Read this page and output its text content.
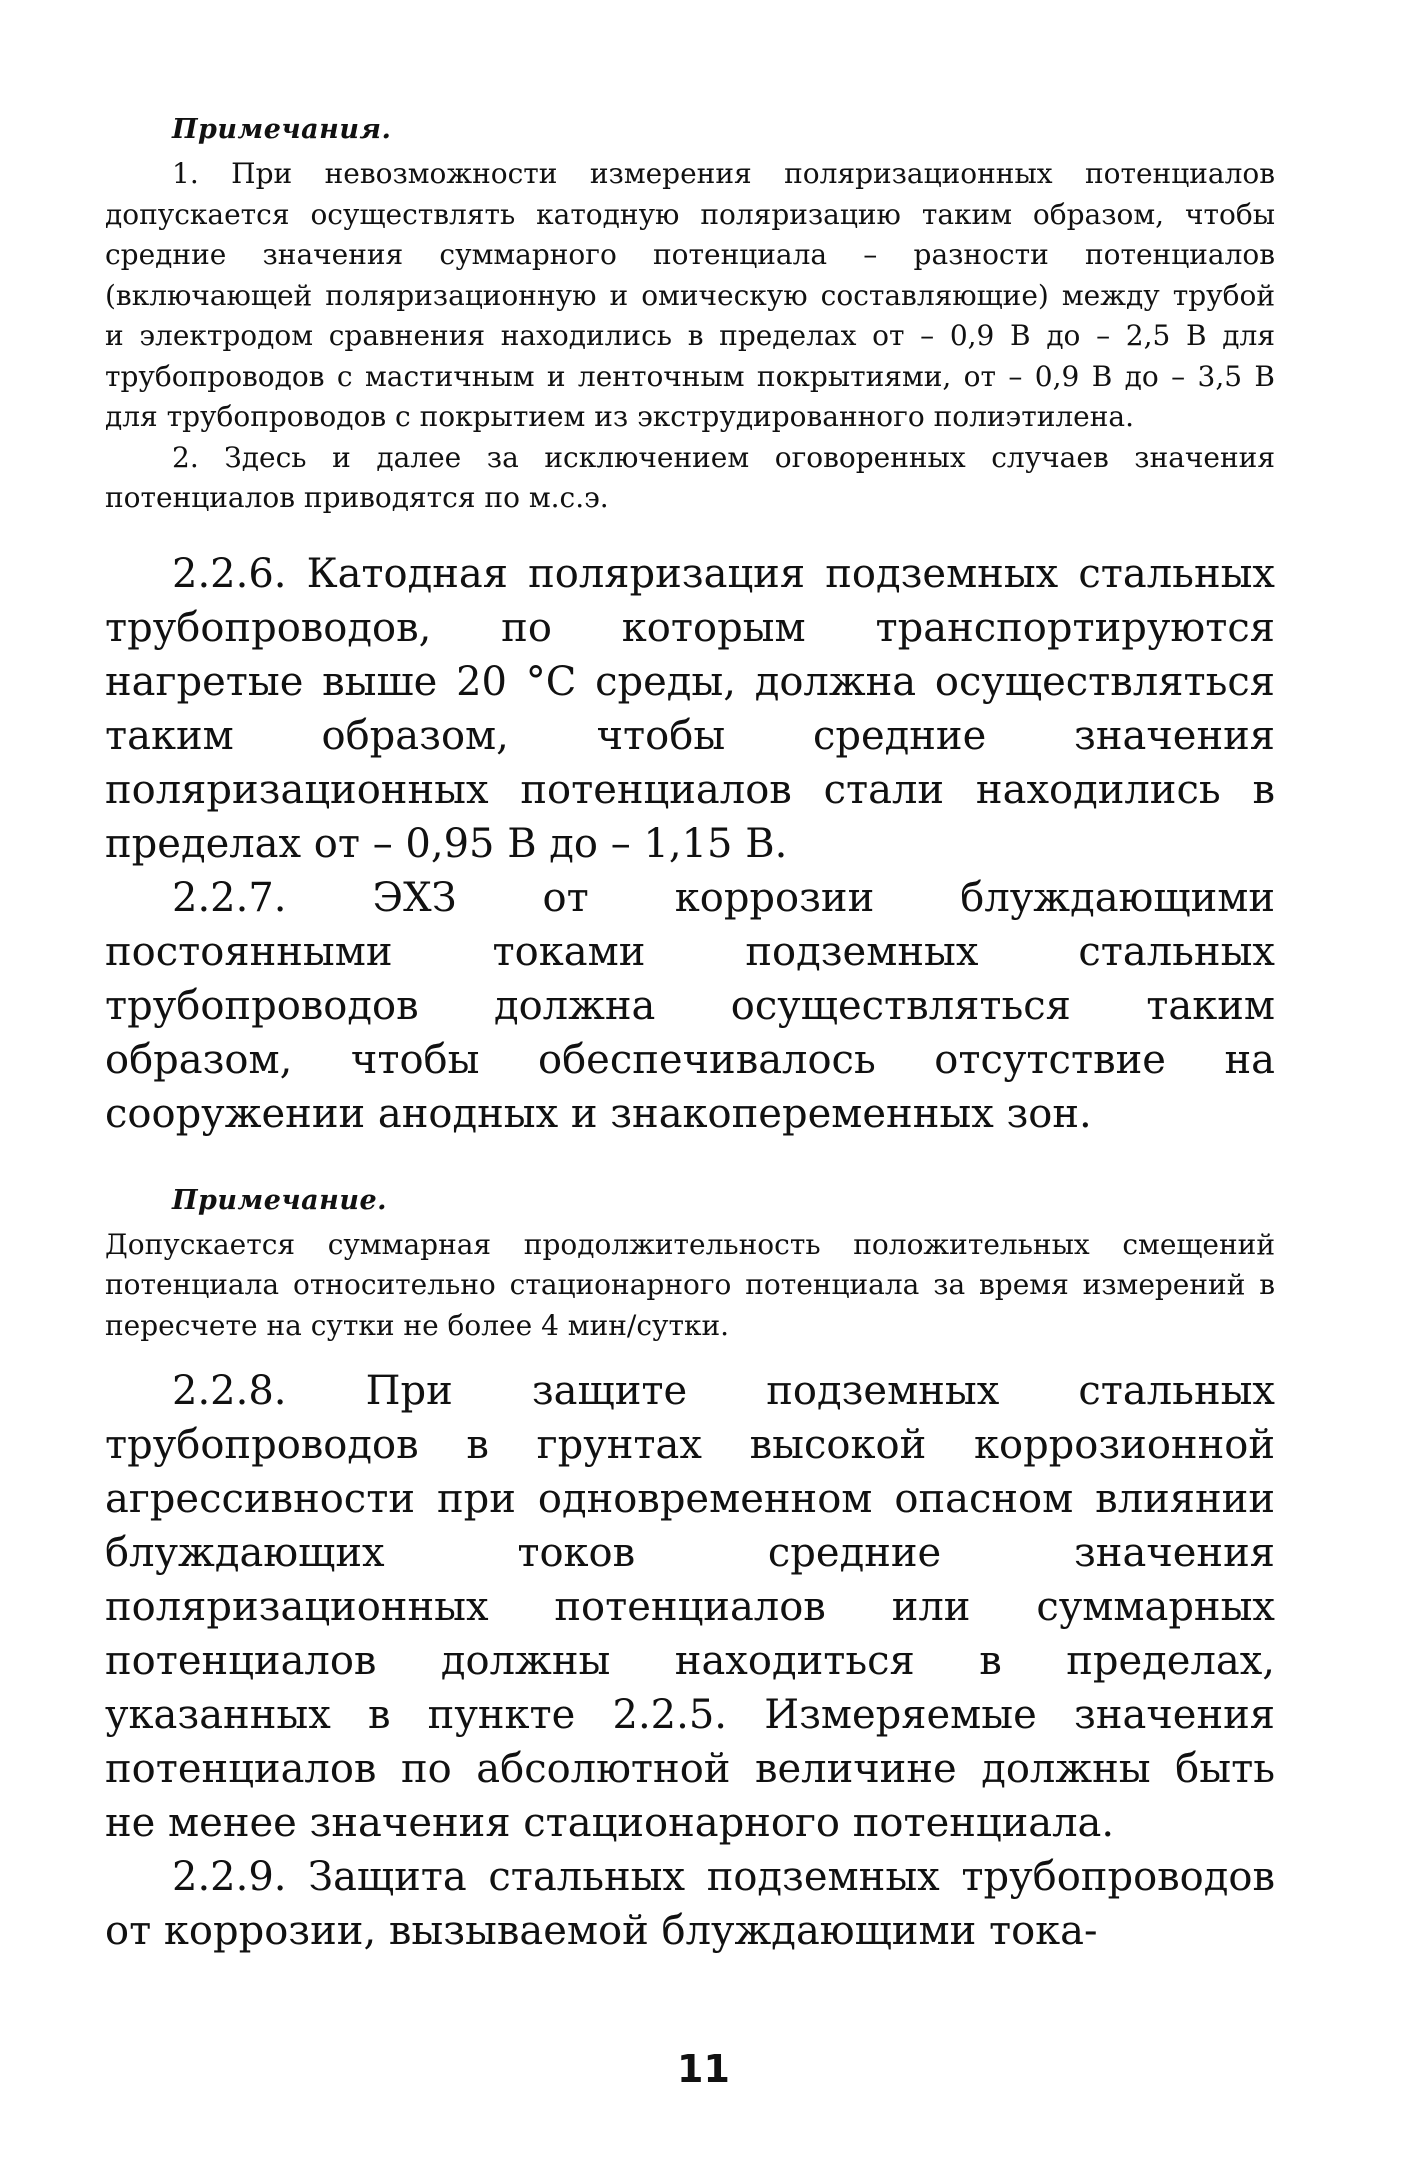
Примечания.

1. При невозможности измерения поляризационных потенциалов допускается осуществлять катодную поляризацию таким образом, чтобы средние значения суммарного потенциала – разности потенциалов (включающей поляризационную и омическую составляющие) между трубой и электродом сравнения находились в пределах от – 0,9 В до – 2,5 В для трубопроводов с мастичным и ленточным покрытиями, от – 0,9 В до – 3,5 В для трубопроводов с покрытием из экструдированного полиэтилена.

2. Здесь и далее за исключением оговоренных случаев значения потенциалов приводятся по м.с.э.

2.2.6. Катодная поляризация подземных стальных трубопроводов, по которым транспортируются нагретые выше 20 °С среды, должна осуществляться таким образом, чтобы средние значения поляризационных потенциалов стали находились в пределах от – 0,95 В до – 1,15 В.

2.2.7. ЭХЗ от коррозии блуждающими постоянными токами подземных стальных трубопроводов должна осуществляться таким образом, чтобы обеспечивалось отсутствие на сооружении анодных и знакопеременных зон.

Примечание.

Допускается суммарная продолжительность положительных смещений потенциала относительно стационарного потенциала за время измерений в пересчете на сутки не более 4 мин/сутки.

2.2.8. При защите подземных стальных трубопроводов в грунтах высокой коррозионной агрессивности при одновременном опасном влиянии блуждающих токов средние значения поляризационных потенциалов или суммарных потенциалов должны находиться в пределах, указанных в пункте 2.2.5. Измеряемые значения потенциалов по абсолютной величине должны быть не менее значения стационарного потенциала.

2.2.9. Защита стальных подземных трубопроводов от коррозии, вызываемой блуждающими тока-

11
